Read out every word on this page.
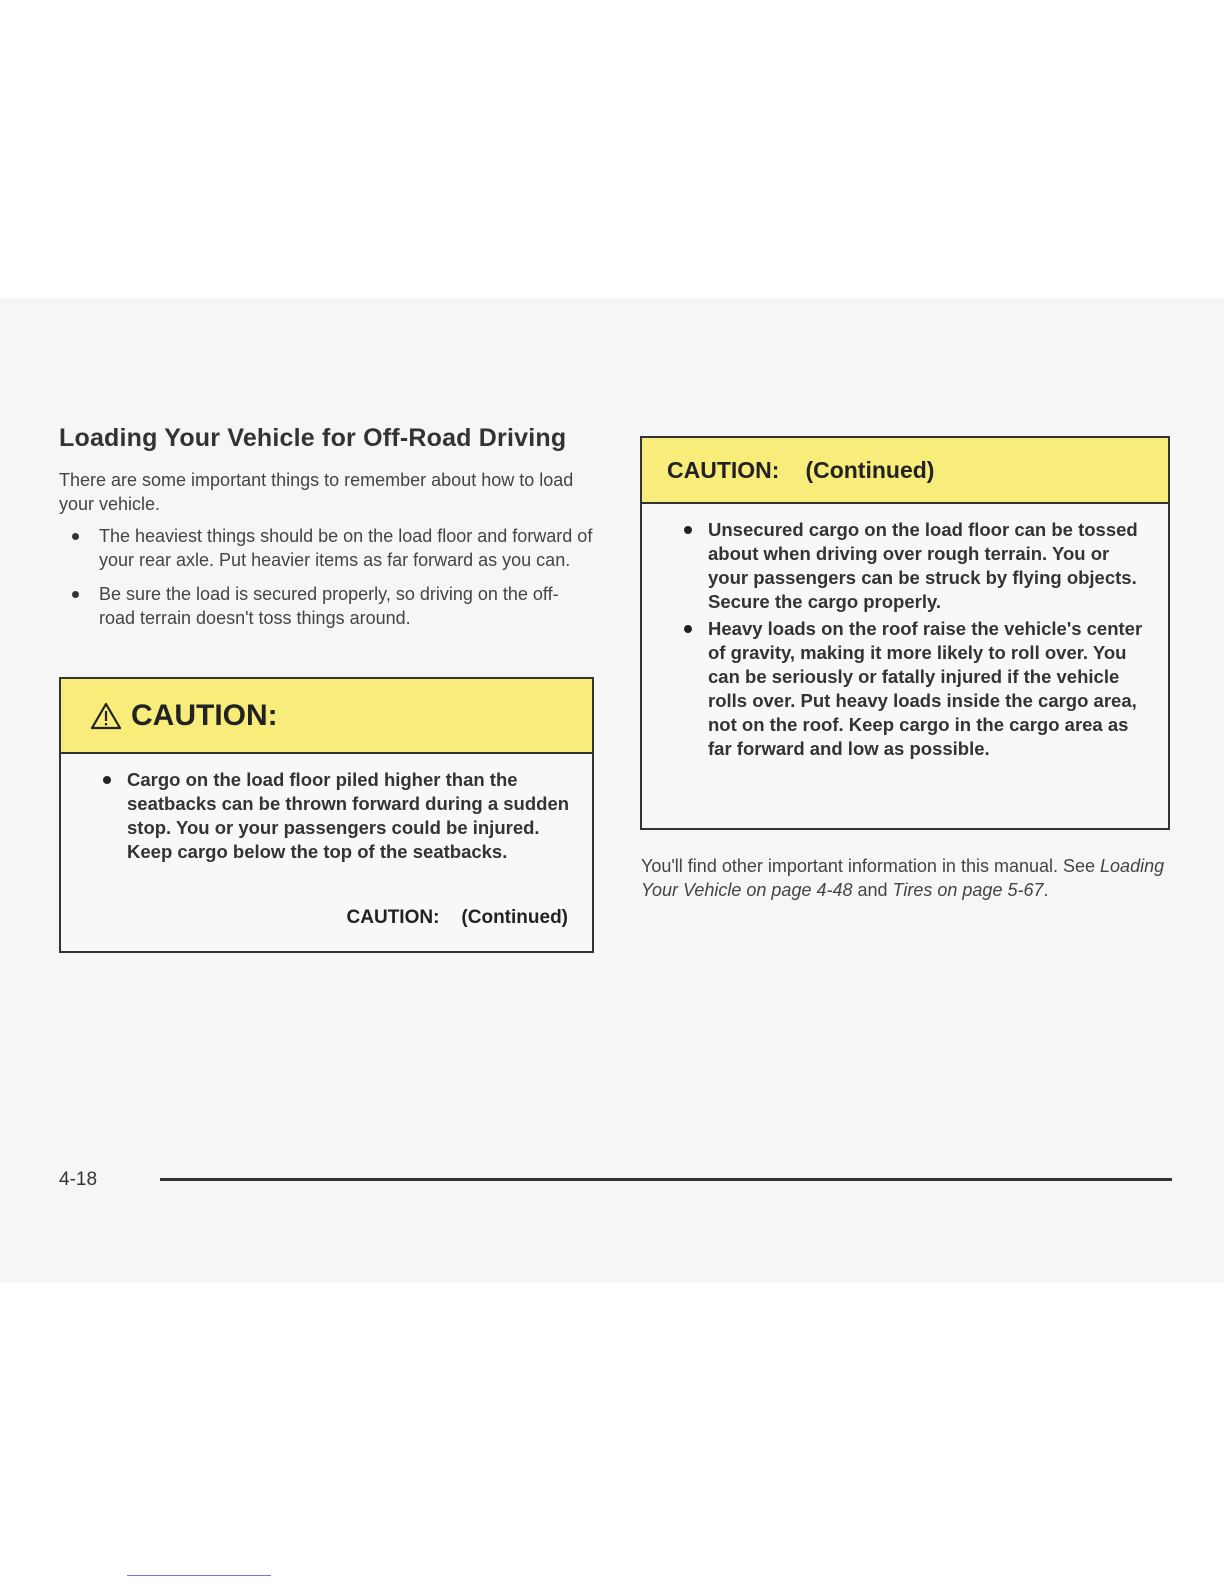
Loading Your Vehicle for Off-Road Driving

There are some important things to remember about how to load your vehicle.

The heaviest things should be on the load floor and forward of your rear axle. Put heavier items as far forward as you can.
Be sure the load is secured properly, so driving on the off-road terrain doesn't toss things around.
CAUTION:
Cargo on the load floor piled higher than the seatbacks can be thrown forward during a sudden stop. You or your passengers could be injured. Keep cargo below the top of the seatbacks.
CAUTION: (Continued)
CAUTION: (Continued)
Unsecured cargo on the load floor can be tossed about when driving over rough terrain. You or your passengers can be struck by flying objects. Secure the cargo properly.
Heavy loads on the roof raise the vehicle's center of gravity, making it more likely to roll over. You can be seriously or fatally injured if the vehicle rolls over. Put heavy loads inside the cargo area, not on the roof. Keep cargo in the cargo area as far forward and low as possible.

You'll find other important information in this manual. See Loading Your Vehicle on page 4-48 and Tires on page 5-67.

4-18
